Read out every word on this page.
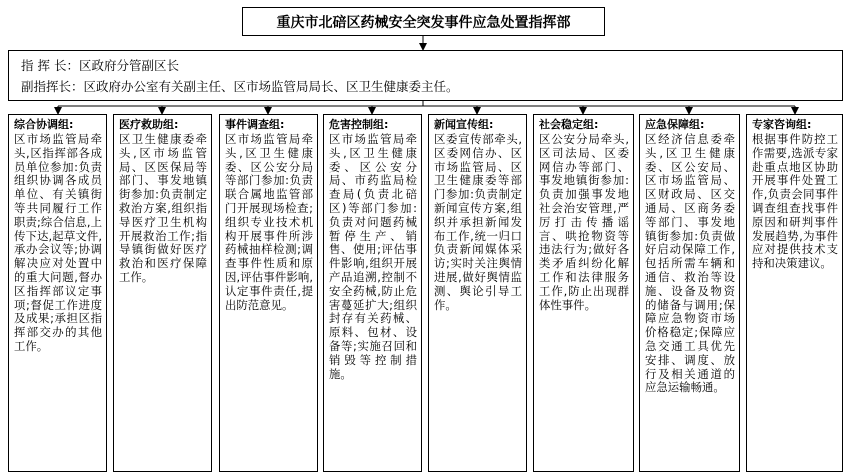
重庆市北碚区药械安全突发事件应急处置指挥部
指 挥 长：区政府分管副区长
副指挥长：区政府办公室有关副主任、区市场监管局局长、区卫生健康委主任。
综合协调组:
区市场监管局牵头,区指挥部各成员单位参加:负责组织协调各成员单位、有关镇街等共同履行工作职责;综合信息,上传下达,起草文件,承办会议等;协调解决应对处置中的重大问题,督办区指挥部议定事项;督促工作进度及成果;承担区指挥部交办的其他工作。
医疗救助组:
区卫生健康委牵头,区市场监管局、区医保局等部门、事发地镇街参加:负责制定救治方案,组织指导医疗卫生机构开展救治工作;指导镇街做好医疗救治和医疗保障工作。
事件调查组:
区市场监管局牵头,区卫生健康委、区公安分局等部门参加:负责联合属地监管部门开展现场检查;组织专业技术机构开展事件所涉药械抽样检测;调查事件性质和原因,评估事件影响,认定事件责任,提出防范意见。
危害控制组:
区市场监管局牵头,区卫生健康委、区公安分局、市药监局检查局(负责北碚区)等部门参加:负责对问题药械暂停生产、销售、使用;评估事件影响,组织开展产品追溯,控制不安全药械,防止危害蔓延扩大;组织封存有关药械、原料、包材、设备等;实施召回和销毁等控制措施。
新闻宣传组:
区委宣传部牵头,区委网信办、区市场监管局、区卫生健康委等部门参加:负责制定新闻宣传方案,组织并承担新闻发布工作,统一归口负责新闻媒体采访;实时关注舆情进展,做好舆情监测、舆论引导工作。
社会稳定组:
区公安分局牵头,区司法局、区委网信办等部门、事发地镇街参加:负责加强事发地社会治安管理,严厉打击传播谣言、哄抢物资等违法行为;做好各类矛盾纠纷化解工作和法律服务工作,防止出现群体性事件。
应急保障组:
区经济信息委牵头,区卫生健康委、区公安局、区市场监管局、区财政局、区交通局、区商务委等部门、事发地镇街参加:负责做好启动保障工作,包括所需车辆和通信、救治等设施、设备及物资的储备与调用;保障应急物资市场价格稳定;保障应急交通工具优先安排、调度、放行及相关通道的应急运输畅通。
专家咨询组:
根据事件防控工作需要,选派专家赴重点地区协助开展事件处置工作,负责会同事件调查组查找事件原因和研判事件发展趋势,为事件应对提供技术支持和决策建议。
